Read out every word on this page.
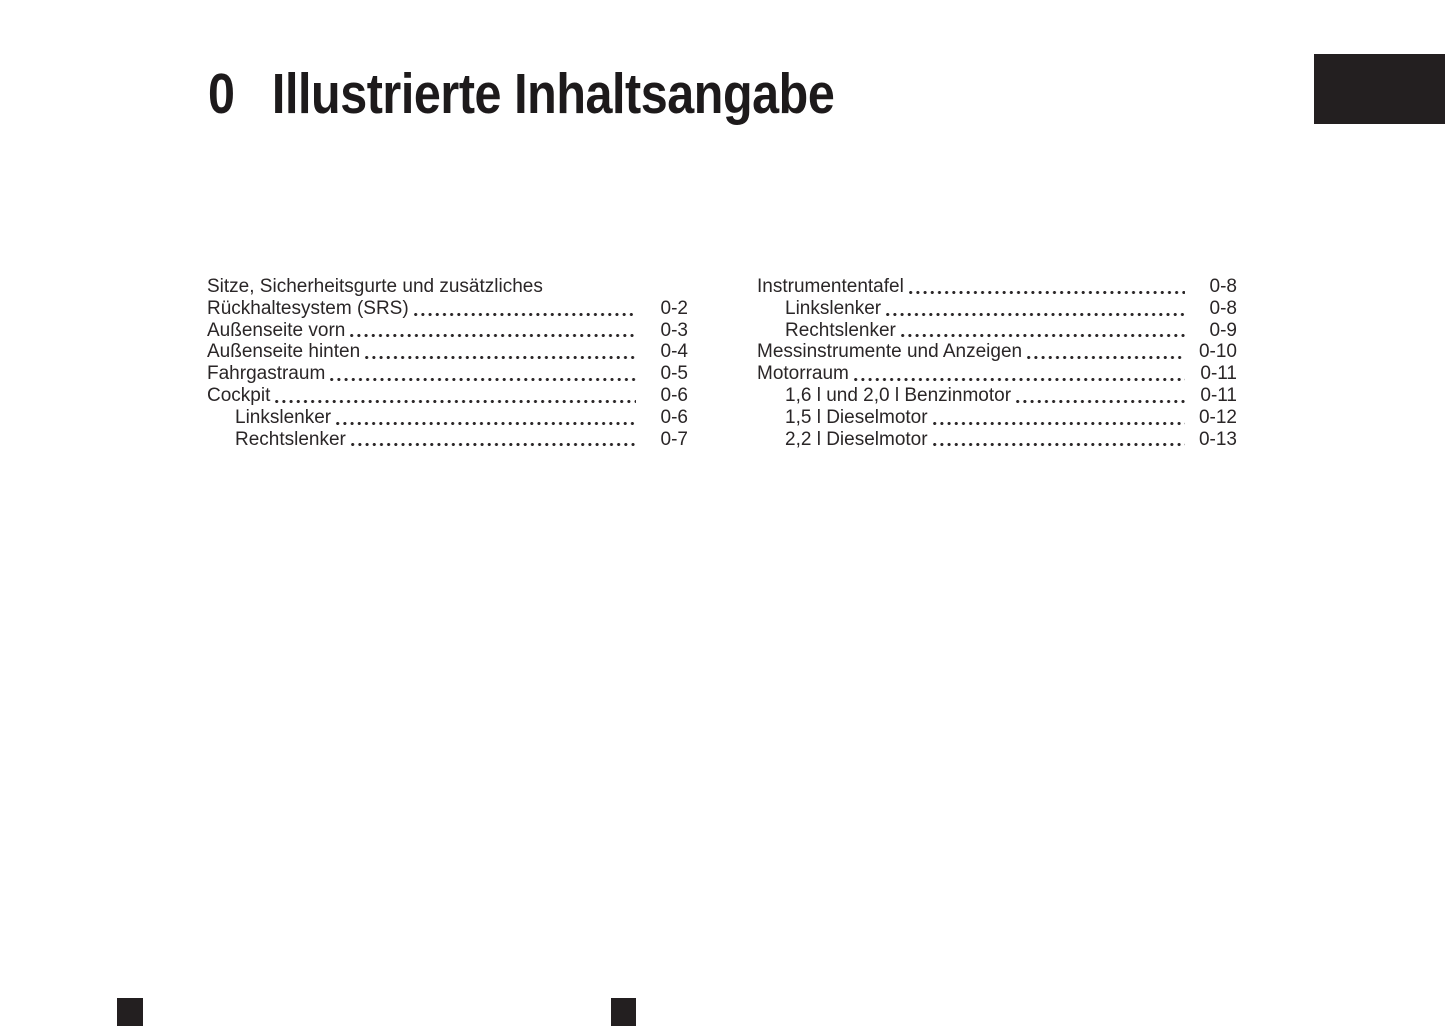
0 Illustrierte Inhaltsangabe
Sitze, Sicherheitsgurte und zusätzliches
Rückhaltesystem (SRS)	0-2
Außenseite vorn	0-3
Außenseite hinten	0-4
Fahrgastraum	0-5
Cockpit	0-6
Linkslenker	0-6
Rechtslenker	0-7
Instrumententafel	0-8
Linkslenker	0-8
Rechtslenker	0-9
Messinstrumente und Anzeigen	0-10
Motorraum	0-11
1,6 l und 2,0 l Benzinmotor	0-11
1,5 l Dieselmotor	0-12
2,2 l Dieselmotor	0-13
